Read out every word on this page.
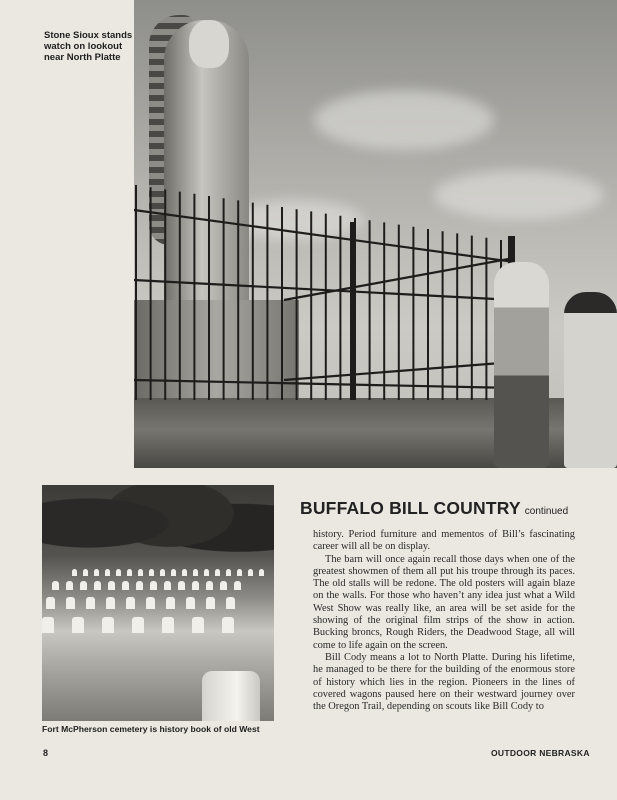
Stone Sioux stands
watch on lookout
near North Platte
Fort McPherson cemetery is history book of old West
BUFFALO BILL COUNTRY continued

history. Period furniture and mementos of Bill’s fascinating career will all be on display.

The barn will once again recall those days when one of the greatest showmen of them all put his troupe through its paces. The old stalls will be redone. The old posters will again blaze on the walls. For those who haven’t any idea just what a Wild West Show was really like, an area will be set aside for the showing of the original film strips of the show in action. Bucking broncs, Rough Riders, the Deadwood Stage, all will come to life again on the screen.

Bill Cody means a lot to North Platte. During his lifetime, he managed to be there for the building of the enormous store of history which lies in the region. Pioneers in the lines of covered wagons paused here on their westward journey over the Oregon Trail, depending on scouts like Bill Cody to

8	OUTDOOR NEBRASKA
